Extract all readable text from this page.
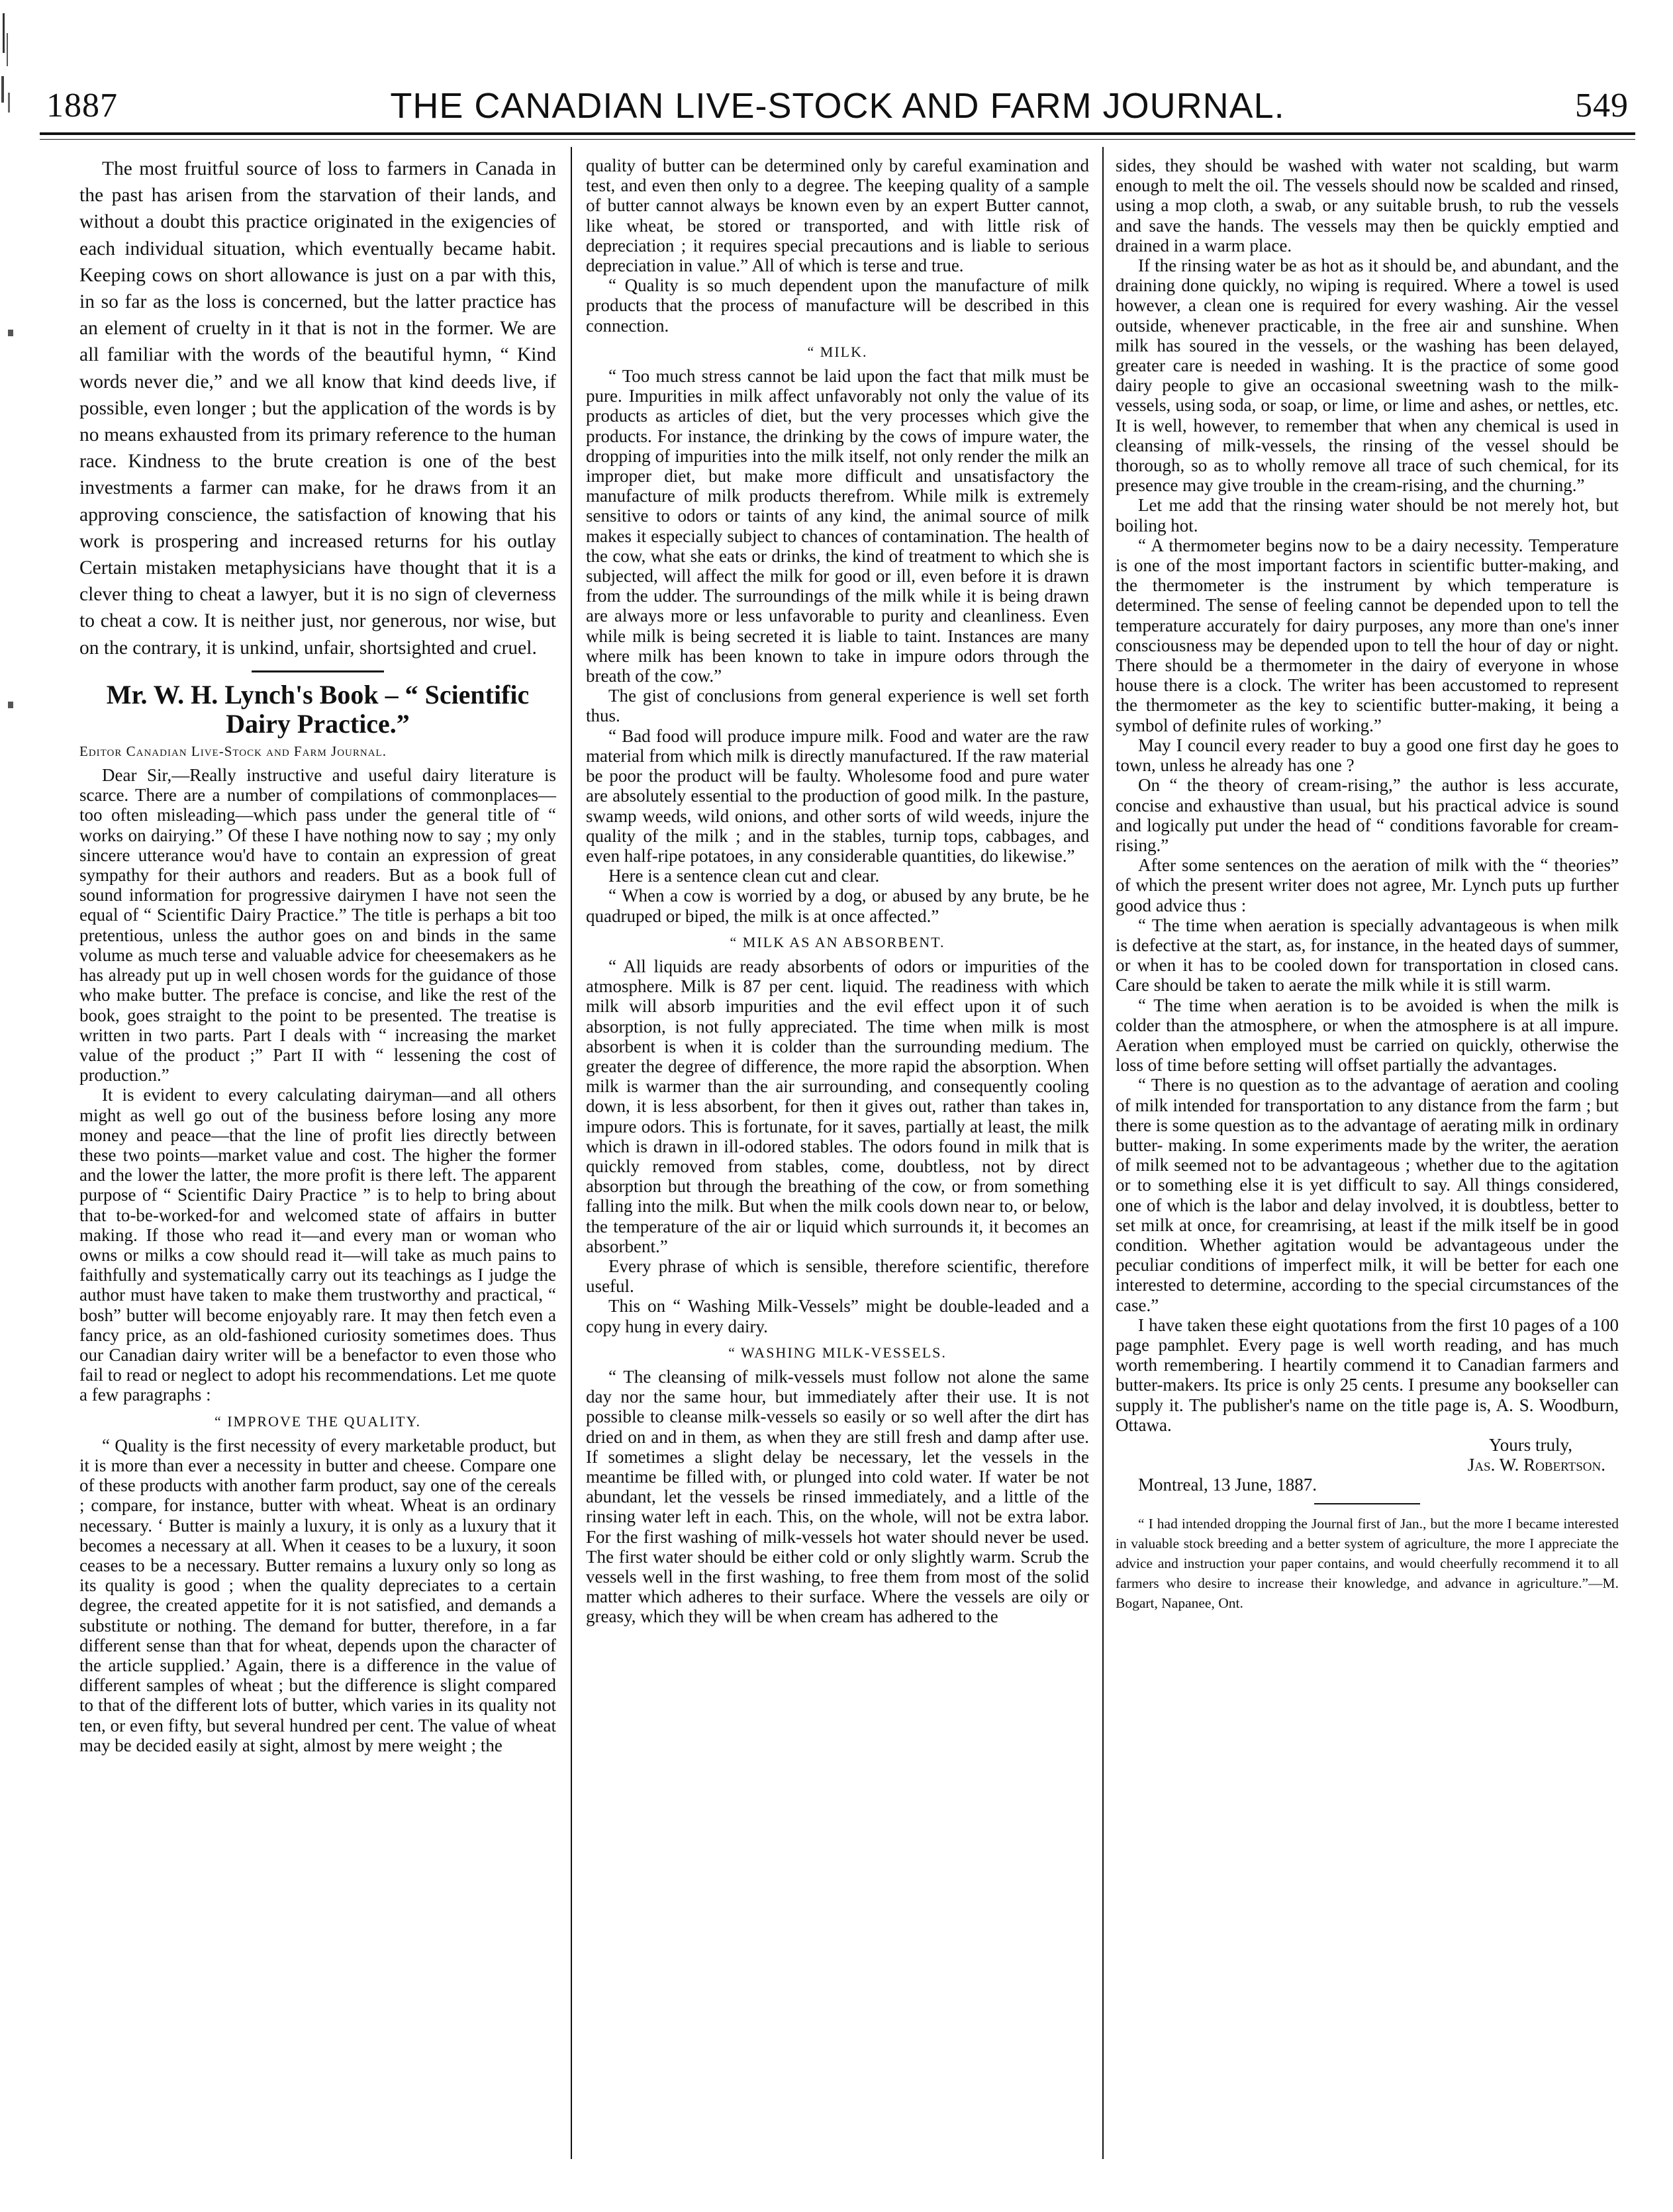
1887	THE CANADIAN LIVE-STOCK AND FARM JOURNAL.	549

The most fruitful source of loss to farmers in Canada in the past has arisen from the starvation of their lands, and without a doubt this practice originated in the exigencies of each individual situation, which eventually became habit. Keeping cows on short allowance is just on a par with this, in so far as the loss is concerned, but the latter practice has an element of cruelty in it that is not in the former. We are all familiar with the words of the beautiful hymn, “ Kind words never die,” and we all know that kind deeds live, if possible, even longer ; but the application of the words is by no means exhausted from its primary reference to the human race. Kindness to the brute creation is one of the best investments a farmer can make, for he draws from it an approving conscience, the satisfaction of knowing that his work is prospering and increased returns for his outlay Certain mistaken metaphysicians have thought that it is a clever thing to cheat a lawyer, but it is no sign of cleverness to cheat a cow. It is neither just, nor generous, nor wise, but on the contrary, it is unkind, unfair, shortsighted and cruel.

Mr. W. H. Lynch's Book – “ Scientific Dairy Practice.”
Editor Canadian Live-Stock and Farm Journal.

Dear Sir,—Really instructive and useful dairy literature is scarce. There are a number of compilations of commonplaces—too often misleading—which pass under the general title of “ works on dairying.” Of these I have nothing now to say ; my only sincere utterance wou'd have to contain an expression of great sympathy for their authors and readers. But as a book full of sound information for progressive dairymen I have not seen the equal of “ Scientific Dairy Practice.” The title is perhaps a bit too pretentious, unless the author goes on and binds in the same volume as much terse and valuable advice for cheesemakers as he has already put up in well chosen words for the guidance of those who make butter. The preface is concise, and like the rest of the book, goes straight to the point to be presented. The treatise is written in two parts. Part I deals with “ increasing the market value of the product ;” Part II with “ lessening the cost of production.”

It is evident to every calculating dairyman—and all others might as well go out of the business before losing any more money and peace—that the line of profit lies directly between these two points—market value and cost. The higher the former and the lower the latter, the more profit is there left. The apparent purpose of “ Scientific Dairy Practice ” is to help to bring about that to-be-worked-for and welcomed state of affairs in butter making. If those who read it—and every man or woman who owns or milks a cow should read it—will take as much pains to faithfully and systematically carry out its teachings as I judge the author must have taken to make them trustworthy and practical, “ bosh” butter will become enjoyably rare. It may then fetch even a fancy price, as an old-fashioned curiosity sometimes does. Thus our Canadian dairy writer will be a benefactor to even those who fail to read or neglect to adopt his recommendations. Let me quote a few paragraphs :

“ IMPROVE THE QUALITY.

“ Quality is the first necessity of every marketable product, but it is more than ever a necessity in butter and cheese. Compare one of these products with another farm product, say one of the cereals ; compare, for instance, butter with wheat. Wheat is an ordinary necessary. ‘ Butter is mainly a luxury, it is only as a luxury that it becomes a necessary at all. When it ceases to be a luxury, it soon ceases to be a necessary. Butter remains a luxury only so long as its quality is good ; when the quality depreciates to a certain degree, the created appetite for it is not satisfied, and demands a substitute or nothing. The demand for butter, therefore, in a far different sense than that for wheat, depends upon the character of the article supplied.’ Again, there is a difference in the value of different samples of wheat ; but the difference is slight compared to that of the different lots of butter, which varies in its quality not ten, or even fifty, but several hundred per cent. The value of wheat may be decided easily at sight, almost by mere weight ; the

quality of butter can be determined only by careful examination and test, and even then only to a degree. The keeping quality of a sample of butter cannot always be known even by an expert Butter cannot, like wheat, be stored or transported, and with little risk of depreciation ; it requires special precautions and is liable to serious depreciation in value.” All of which is terse and true.

“ Quality is so much dependent upon the manufacture of milk products that the process of manufacture will be described in this connection.

“ MILK.

“ Too much stress cannot be laid upon the fact that milk must be pure. Impurities in milk affect unfavorably not only the value of its products as articles of diet, but the very processes which give the products. For instance, the drinking by the cows of impure water, the dropping of impurities into the milk itself, not only render the milk an improper diet, but make more difficult and unsatisfactory the manufacture of milk products therefrom. While milk is extremely sensitive to odors or taints of any kind, the animal source of milk makes it especially subject to chances of contamination. The health of the cow, what she eats or drinks, the kind of treatment to which she is subjected, will affect the milk for good or ill, even before it is drawn from the udder. The surroundings of the milk while it is being drawn are always more or less unfavorable to purity and cleanliness. Even while milk is being secreted it is liable to taint. Instances are many where milk has been known to take in impure odors through the breath of the cow.”

The gist of conclusions from general experience is well set forth thus.

“ Bad food will produce impure milk. Food and water are the raw material from which milk is directly manufactured. If the raw material be poor the product will be faulty. Wholesome food and pure water are absolutely essential to the production of good milk. In the pasture, swamp weeds, wild onions, and other sorts of wild weeds, injure the quality of the milk ; and in the stables, turnip tops, cabbages, and even half-ripe potatoes, in any considerable quantities, do likewise.”

Here is a sentence clean cut and clear.

“ When a cow is worried by a dog, or abused by any brute, be he quadruped or biped, the milk is at once affected.”

“ MILK AS AN ABSORBENT.

“ All liquids are ready absorbents of odors or impurities of the atmosphere. Milk is 87 per cent. liquid. The readiness with which milk will absorb impurities and the evil effect upon it of such absorption, is not fully appreciated. The time when milk is most absorbent is when it is colder than the surrounding medium. The greater the degree of difference, the more rapid the absorption. When milk is warmer than the air surrounding, and consequently cooling down, it is less absorbent, for then it gives out, rather than takes in, impure odors. This is fortunate, for it saves, partially at least, the milk which is drawn in ill-odored stables. The odors found in milk that is quickly removed from stables, come, doubtless, not by direct absorption but through the breathing of the cow, or from something falling into the milk. But when the milk cools down near to, or below, the temperature of the air or liquid which surrounds it, it becomes an absorbent.”

Every phrase of which is sensible, therefore scientific, therefore useful.

This on “ Washing Milk-Vessels” might be double-leaded and a copy hung in every dairy.

“ WASHING MILK-VESSELS.

“ The cleansing of milk-vessels must follow not alone the same day nor the same hour, but immediately after their use. It is not possible to cleanse milk-vessels so easily or so well after the dirt has dried on and in them, as when they are still fresh and damp after use. If sometimes a slight delay be necessary, let the vessels in the meantime be filled with, or plunged into cold water. If water be not abundant, let the vessels be rinsed immediately, and a little of the rinsing water left in each. This, on the whole, will not be extra labor. For the first washing of milk-vessels hot water should never be used. The first water should be either cold or only slightly warm. Scrub the vessels well in the first washing, to free them from most of the solid matter which adheres to their surface. Where the vessels are oily or greasy, which they will be when cream has adhered to the

sides, they should be washed with water not scalding, but warm enough to melt the oil. The vessels should now be scalded and rinsed, using a mop cloth, a swab, or any suitable brush, to rub the vessels and save the hands. The vessels may then be quickly emptied and drained in a warm place.

If the rinsing water be as hot as it should be, and abundant, and the draining done quickly, no wiping is required. Where a towel is used however, a clean one is required for every washing. Air the vessel outside, whenever practicable, in the free air and sunshine. When milk has soured in the vessels, or the washing has been delayed, greater care is needed in washing. It is the practice of some good dairy people to give an occasional sweetning wash to the milk-vessels, using soda, or soap, or lime, or lime and ashes, or nettles, etc. It is well, however, to remember that when any chemical is used in cleansing of milk-vessels, the rinsing of the vessel should be thorough, so as to wholly remove all trace of such chemical, for its presence may give trouble in the cream-rising, and the churning.”

Let me add that the rinsing water should be not merely hot, but boiling hot.

“ A thermometer begins now to be a dairy necessity. Temperature is one of the most important factors in scientific butter-making, and the thermometer is the instrument by which temperature is determined. The sense of feeling cannot be depended upon to tell the temperature accurately for dairy purposes, any more than one's inner consciousness may be depended upon to tell the hour of day or night. There should be a thermometer in the dairy of everyone in whose house there is a clock. The writer has been accustomed to represent the thermometer as the key to scientific butter-making, it being a symbol of definite rules of working.”

May I council every reader to buy a good one first day he goes to town, unless he already has one ?

On “ the theory of cream-rising,” the author is less accurate, concise and exhaustive than usual, but his practical advice is sound and logically put under the head of “ conditions favorable for cream-rising.”

After some sentences on the aeration of milk with the “ theories” of which the present writer does not agree, Mr. Lynch puts up further good advice thus :

“ The time when aeration is specially advantageous is when milk is defective at the start, as, for instance, in the heated days of summer, or when it has to be cooled down for transportation in closed cans. Care should be taken to aerate the milk while it is still warm.

“ The time when aeration is to be avoided is when the milk is colder than the atmosphere, or when the atmosphere is at all impure. Aeration when employed must be carried on quickly, otherwise the loss of time before setting will offset partially the advantages.

“ There is no question as to the advantage of aeration and cooling of milk intended for transportation to any distance from the farm ; but there is some question as to the advantage of aerating milk in ordinary butter- making. In some experiments made by the writer, the aeration of milk seemed not to be advantageous ; whether due to the agitation or to something else it is yet difficult to say. All things considered, one of which is the labor and delay involved, it is doubtless, better to set milk at once, for creamrising, at least if the milk itself be in good condition. Whether agitation would be advantageous under the peculiar conditions of imperfect milk, it will be better for each one interested to determine, according to the special circumstances of the case.”

I have taken these eight quotations from the first 10 pages of a 100 page pamphlet. Every page is well worth reading, and has much worth remembering. I heartily commend it to Canadian farmers and butter-makers. Its price is only 25 cents. I presume any bookseller can supply it. The publisher's name on the title page is, A. S. Woodburn, Ottawa.

Yours truly,

Jas. W. Robertson.

Montreal, 13 June, 1887.

“ I had intended dropping the Journal first of Jan., but the more I became interested in valuable stock breeding and a better system of agriculture, the more I appreciate the advice and instruction your paper contains, and would cheerfully recommend it to all farmers who desire to increase their knowledge, and advance in agriculture.”—M. Bogart, Napanee, Ont.
